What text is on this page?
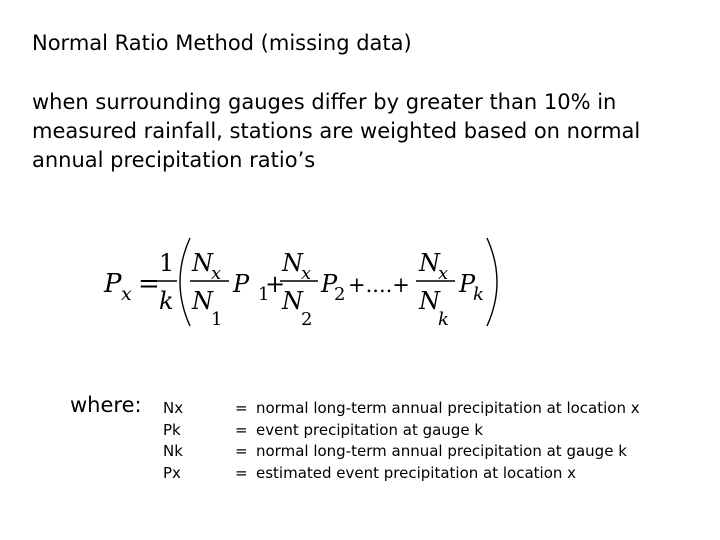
Normal Ratio Method (missing data)
when surrounding gauges differ by greater than 10% in
measured rainfall, stations are weighted based on normal
annual precipitation ratio’s
P x =
1
k
N
x
N
1
P 1
+
N
x
N
2
P
2 +....+
N
x
N
k
P
k
where: Nx
Pk
Nk
Px
=
=
=
=
normal long-term annual precipitation at location x
event precipitation at gauge k
normal long-term annual precipitation at gauge k
estimated event precipitation at location x
